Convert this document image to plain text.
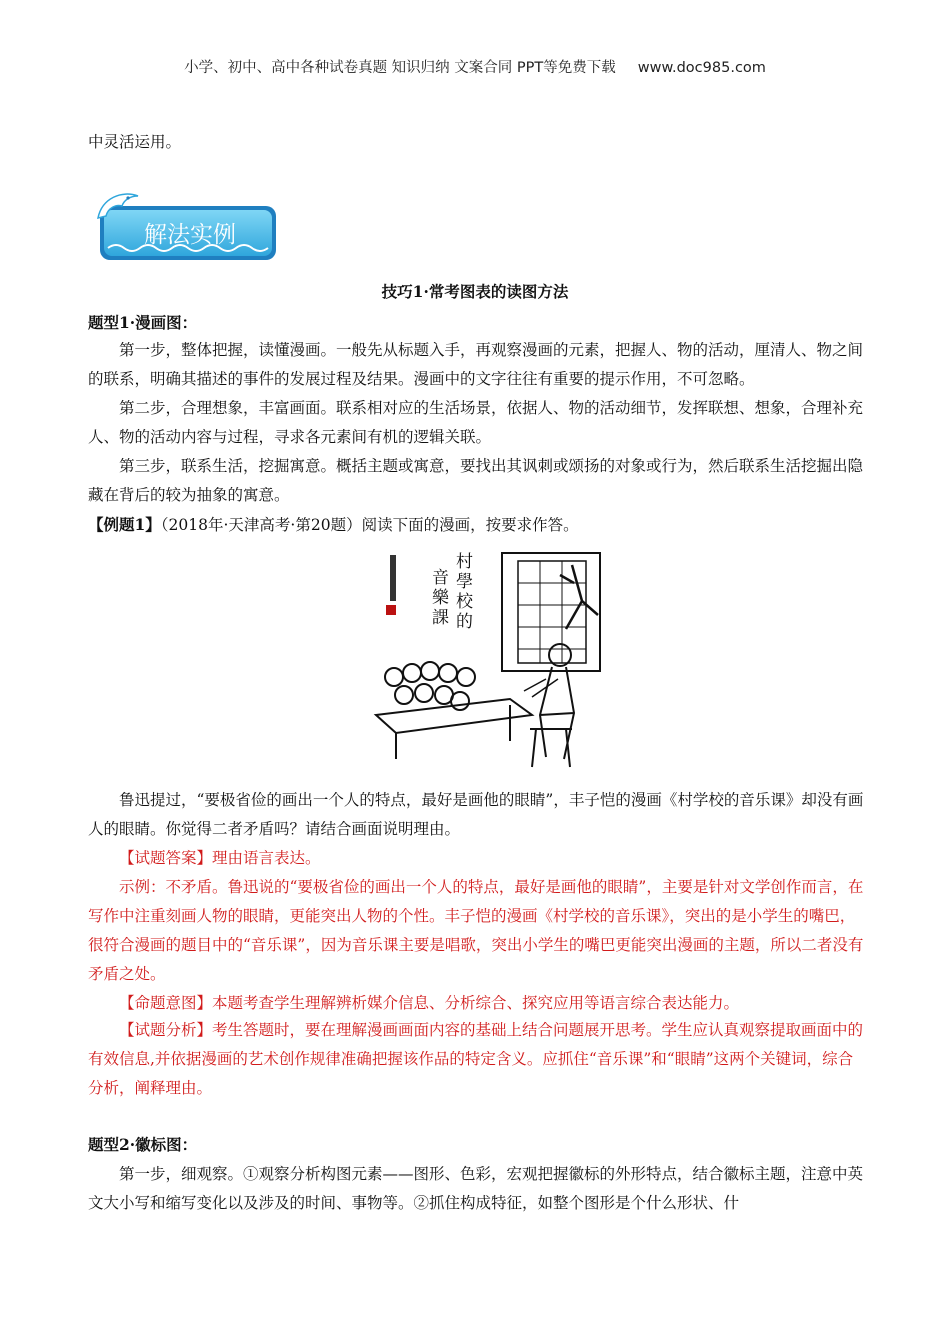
小学、初中、高中各种试卷真题 知识归纳 文案合同 PPT等免费下载 www.doc985.com

中灵活运用。

解法实例
技巧1·常考图表的读图方法

题型1·漫画图：

第一步，整体把握，读懂漫画。一般先从标题入手，再观察漫画的元素，把握人、物的活动，厘清人、物之间的联系，明确其描述的事件的发展过程及结果。漫画中的文字往往有重要的提示作用，不可忽略。

第二步，合理想象，丰富画面。联系相对应的生活场景，依据人、物的活动细节，发挥联想、想象，合理补充人、物的活动内容与过程，寻求各元素间有机的逻辑关联。

第三步，联系生活，挖掘寓意。概括主题或寓意，要找出其讽刺或颂扬的对象或行为，然后联系生活挖掘出隐藏在背后的较为抽象的寓意。

【例题1】（2018年·天津高考·第20题）阅读下面的漫画，按要求作答。

村
學
校
的
音
樂
課

鲁迅提过，“要极省俭的画出一个人的特点，最好是画他的眼睛”，丰子恺的漫画《村学校的音乐课》却没有画人的眼睛。你觉得二者矛盾吗？请结合画面说明理由。

【试题答案】理由语言表达。

示例：不矛盾。鲁迅说的“要极省俭的画出一个人的特点，最好是画他的眼睛”，主要是针对文学创作而言，在写作中注重刻画人物的眼睛，更能突出人物的个性。丰子恺的漫画《村学校的音乐课》，突出的是小学生的嘴巴，很符合漫画的题目中的“音乐课”，因为音乐课主要是唱歌，突出小学生的嘴巴更能突出漫画的主题，所以二者没有矛盾之处。

【命题意图】本题考查学生理解辨析媒介信息、分析综合、探究应用等语言综合表达能力。

【试题分析】考生答题时，要在理解漫画画面内容的基础上结合问题展开思考。学生应认真观察提取画面中的有效信息,并依据漫画的艺术创作规律准确把握该作品的特定含义。应抓住“音乐课”和“眼睛”这两个关键词，综合分析，阐释理由。

题型2·徽标图：

第一步，细观察。①观察分析构图元素——图形、色彩，宏观把握徽标的外形特点，结合徽标主题，注意中英文大小写和缩写变化以及涉及的时间、事物等。②抓住构成特征，如整个图形是个什么形状、什
